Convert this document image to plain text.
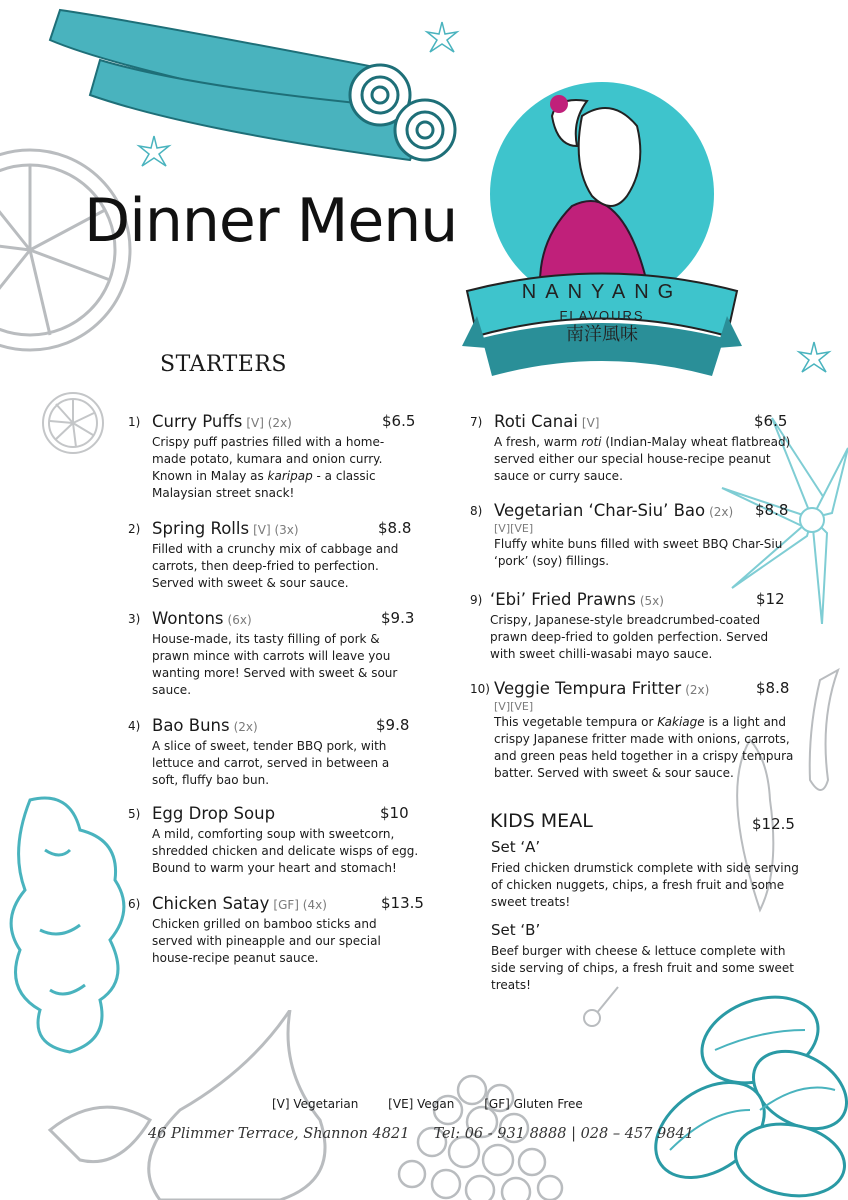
NANYANG
FLAVOURS
南洋風味
Dinner Menu
STARTERS
1) Curry Puffs [V] (2x)	$6.5
Crispy puff pastries filled with a home-made potato, kumara and onion curry. Known in Malay as karipap - a classic Malaysian street snack!
2) Spring Rolls [V] (3x)	$8.8
Filled with a crunchy mix of cabbage and carrots, then deep-fried to perfection. Served with sweet & sour sauce.
3) Wontons (6x)	$9.3
House-made, its tasty filling of pork & prawn mince with carrots will leave you wanting more! Served with sweet & sour sauce.
4) Bao Buns (2x)	$9.8
A slice of sweet, tender BBQ pork, with lettuce and carrot, served in between a soft, fluffy bao bun.
5) Egg Drop Soup	$10
A mild, comforting soup with sweetcorn, shredded chicken and delicate wisps of egg. Bound to warm your heart and stomach!
6) Chicken Satay [GF] (4x)	$13.5
Chicken grilled on bamboo sticks and served with pineapple and our special house-recipe peanut sauce.
7) Roti Canai [V]	$6.5
A fresh, warm roti (Indian-Malay wheat flatbread) served either our special house-recipe peanut sauce or curry sauce.
8) Vegetarian ‘Char-Siu’ Bao (2x) $8.8
[V][VE]
Fluffy white buns filled with sweet BBQ Char-Siu ‘pork’ (soy) fillings.
9) ‘Ebi’ Fried Prawns (5x)	$12
Crispy, Japanese-style breadcrumbed-coated prawn deep-fried to golden perfection. Served with sweet chilli-wasabi mayo sauce.
10) Veggie Tempura Fritter (2x)	$8.8
[V][VE]
This vegetable tempura or Kakiage is a light and crispy Japanese fritter made with onions, carrots, and green peas held together in a crispy tempura batter. Served with sweet & sour sauce.
KIDS MEAL	$12.5
Set ‘A’
Fried chicken drumstick complete with side serving of chicken nuggets, chips, a fresh fruit and some sweet treats!
Set ‘B’
Beef burger with cheese & lettuce complete with side serving of chips, a fresh fruit and some sweet treats!
[V] Vegetarian [VE] Vegan [GF] Gluten Free
46 Plimmer Terrace, Shannon 4821 Tel: 06 - 931 8888 | 028 – 457 9841
